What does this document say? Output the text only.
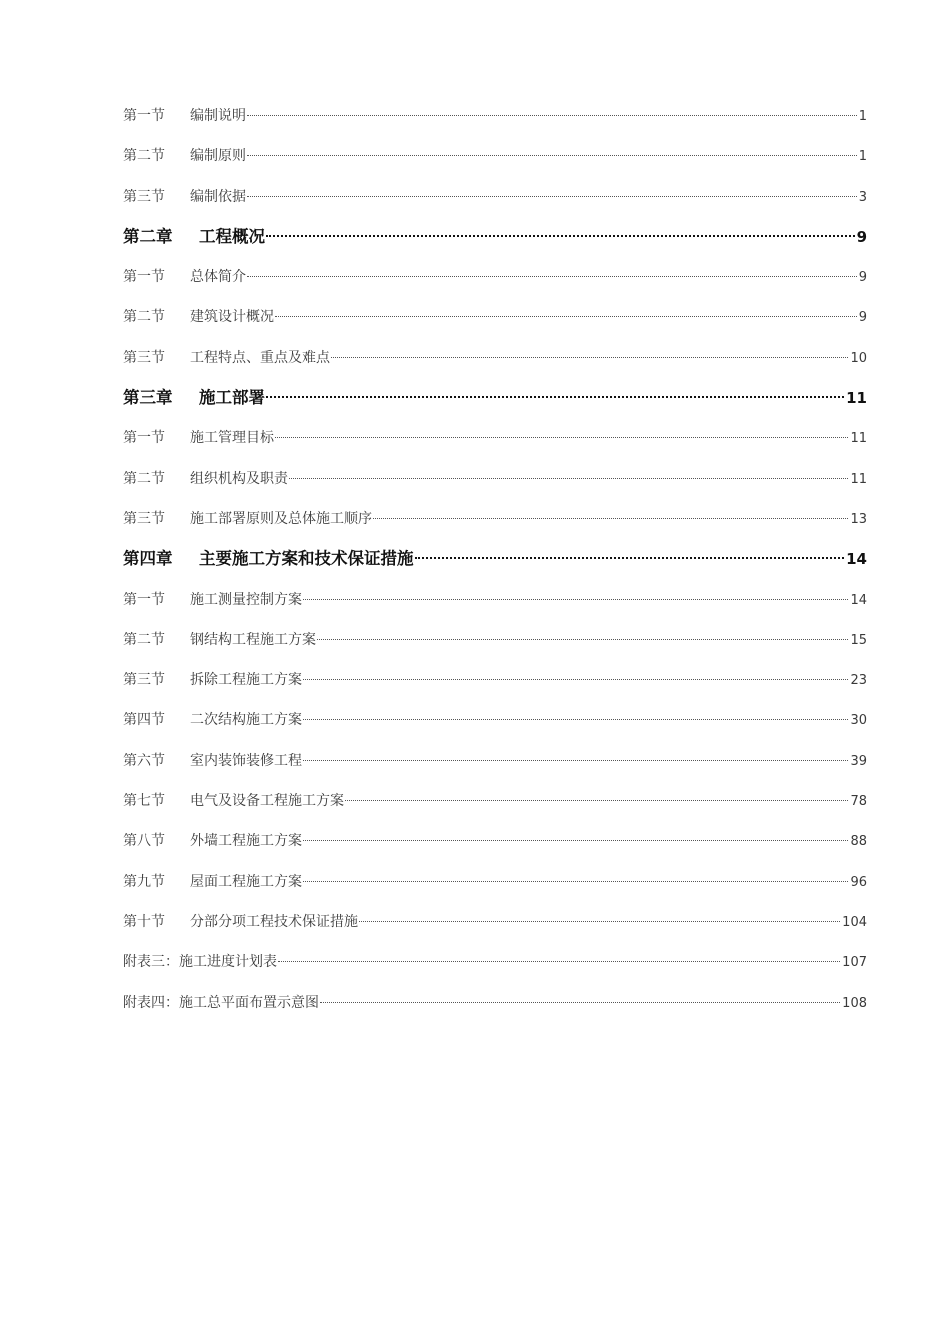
第一节	编制说明	1
第二节	编制原则	1
第三节	编制依据	3
第二章	工程概况	9
第一节	总体简介	9
第二节	建筑设计概况	9
第三节	工程特点、重点及难点	10
第三章	施工部署	11
第一节	施工管理目标	11
第二节	组织机构及职责	11
第三节	施工部署原则及总体施工顺序	13
第四章	主要施工方案和技术保证措施	14
第一节	施工测量控制方案	14
第二节	钢结构工程施工方案	15
第三节	拆除工程施工方案	23
第四节	二次结构施工方案	30
第六节	室内装饰装修工程	39
第七节	电气及设备工程施工方案	78
第八节	外墙工程施工方案	88
第九节	屋面工程施工方案	96
第十节	分部分项工程技术保证措施	104
附表三： 施工进度计划表	107
附表四： 施工总平面布置示意图	108
